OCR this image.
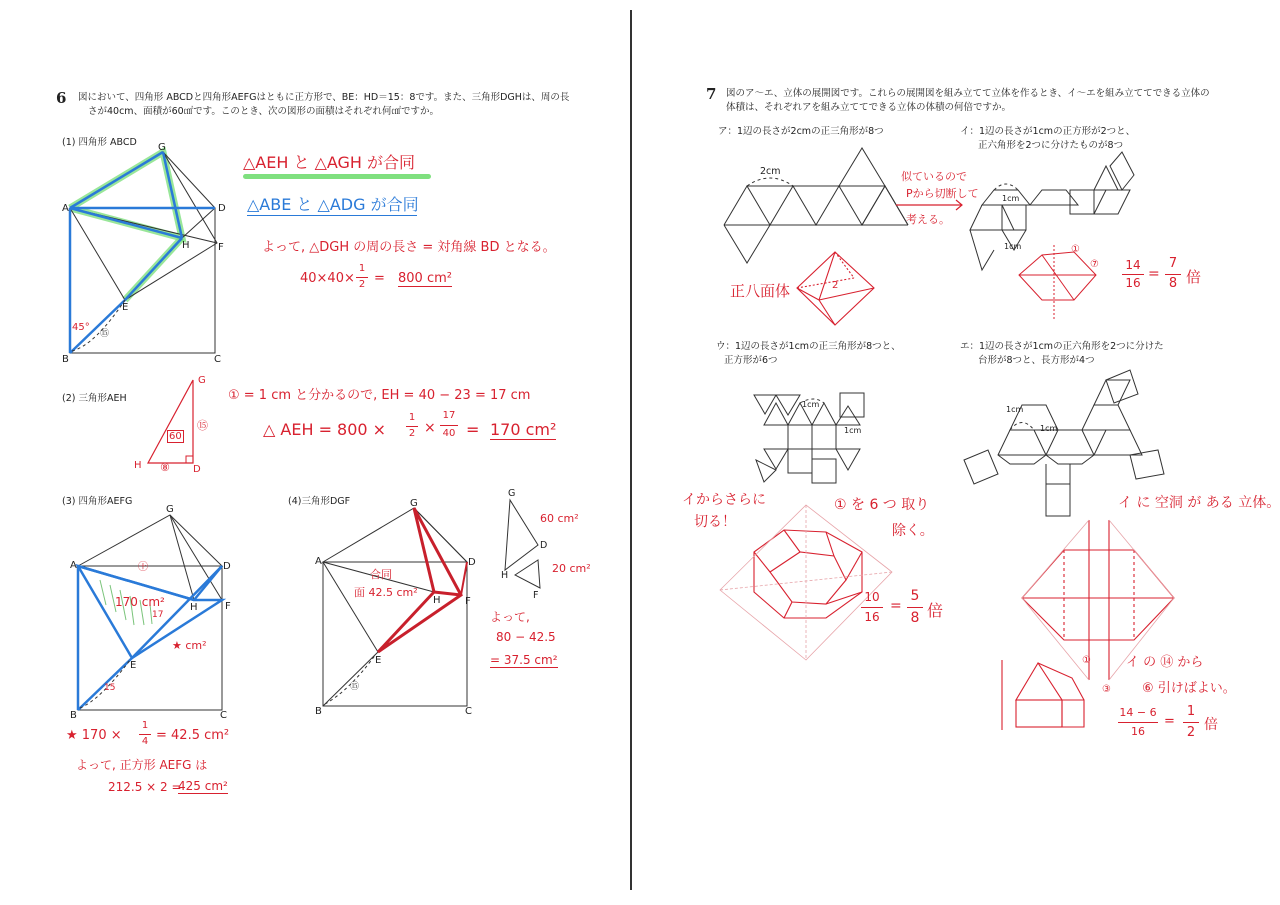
6 図において、四角形 ABCDと四角形AEFGはともに正方形で、BE：HD＝15：8です。また、三角形DGHは、周の長
さが40cm、面積が60㎠です。このとき、次の図形の面積はそれぞれ何㎠ですか。
(1) 四角形 ABCD
A
B	C
D
E
F
G
H
45°
⑮
△AEH と △AGH が合同
△ABE と △ADG が合同
よって, △DGH の周の長さ = 対角線 BD となる。
40×40×
1
2 = 800 cm²
(2) 三角形AEH
G
H	D
60
⑮
⑧
① = 1 cm と分かるので, EH = 40 − 23 = 17 cm
△ AEH = 800 ×
1
2 ×
17
40 = 170 cm²
(3) 四角形AEFG
A
B	C
D
E
F
G
H
170 cm²
17
㊉
★ cm²
15
★ 170 ×
1
4 = 42.5 cm²
よって, 正方形 AEFG は
212.5 × 2 =
425 cm²
(4)三角形DGF
A
B	C
D
E
F
G
H
合同
面 42.5 cm²
⑮
G
D
H
F
60 cm²
20 cm²
よって,
80 − 42.5
= 37.5 cm²
7 図のア～エ、立体の展開図です。これらの展開図を組み立てて立体を作るとき、イ～エを組み立ててできる立体の
体積は、それぞれアを組み立ててできる立体の体積の何倍ですか。
ア：1辺の長さが2cmの正三角形が8つ
2cm
正八面体	2
似ているので
Pから切断して
考える。
イ：1辺の長さが1cmの正方形が2つと、
正六角形を2つに分けたものが8つ
1cm
1cm	①
⑦ 14
16
=
7
8 倍
ウ：1辺の長さが1cmの正三角形が8つと、
正方形が6つ
1cm
1cm
イからさらに
切る！
① を 6 つ 取り
除く。
10
16
=
5
8 倍
エ：1辺の長さが1cmの正六角形を2つに分けた
台形が8つと、長方形が4つ
1cm
1cm
イ に 空洞 が ある 立体。
①
③
イ の ⑭ から
⑥ 引けばよい。
14 − 6
16
=
1
2 倍
